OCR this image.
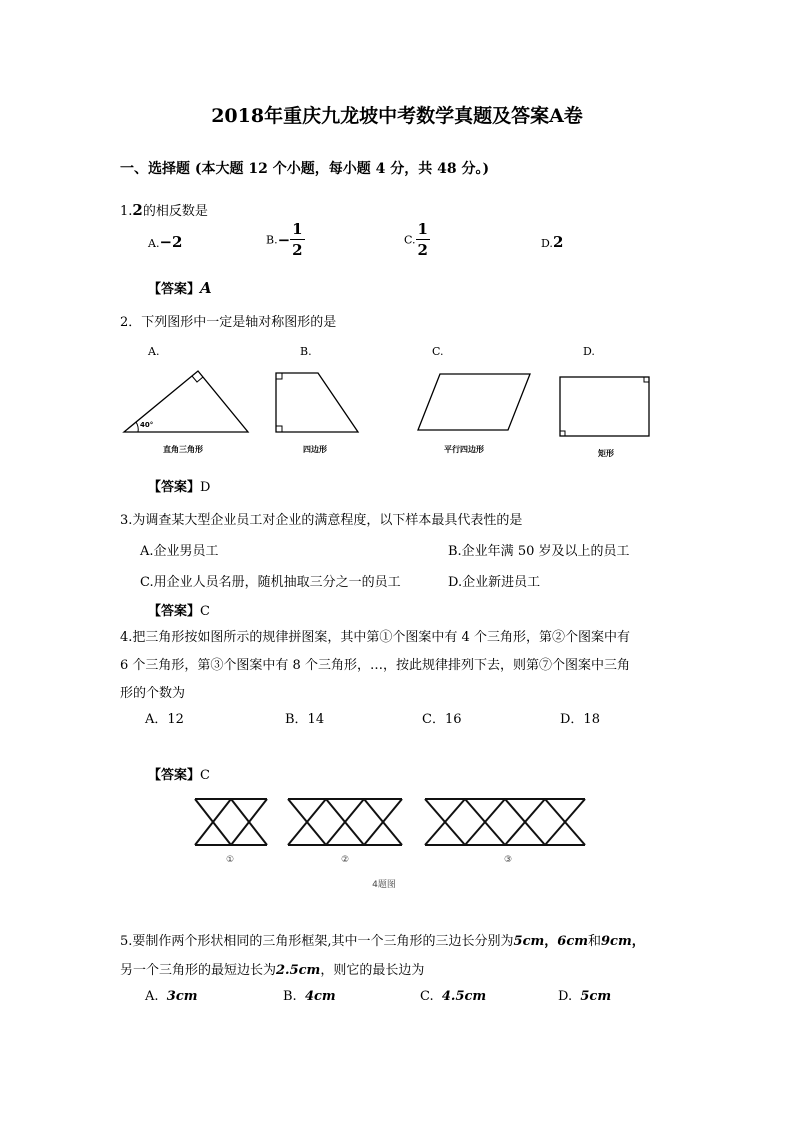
2018年重庆九龙坡中考数学真题及答案A卷
一、选择题 (本大题 12 个小题，每小题 4 分，共 48 分。)
1.2的相反数是
A.−2	$B.- \frac{1}{2}$	C. $\frac{1}{2}$	D.2
【答案】A
2．下列图形中一定是轴对称图形的是
A.	B.	C.	D.
40°
直角三角形	四边形	平行四边形	矩形
【答案】D
3.为调查某大型企业员工对企业的满意程度，以下样本最具代表性的是
A.企业男员工	B.企业年满 50 岁及以上的员工
C.用企业人员名册，随机抽取三分之一的员工	D.企业新进员工
【答案】C
4.把三角形按如图所示的规律拼图案，其中第①个图案中有 4 个三角形，第②个图案中有
6 个三角形，第③个图案中有 8 个三角形，…，按此规律排列下去，则第⑦个图案中三角
形的个数为
A．12	B．14	C．16	D．18
【答案】C
①	②	③
4题图
5.要制作两个形状相同的三角形框架,其中一个三角形的三边长分别为5cm，6cm和9cm，
另一个三角形的最短边长为2.5cm，则它的最长边为
A. 3cm	B. 4cm	C. 4.5cm	D. 5cm
